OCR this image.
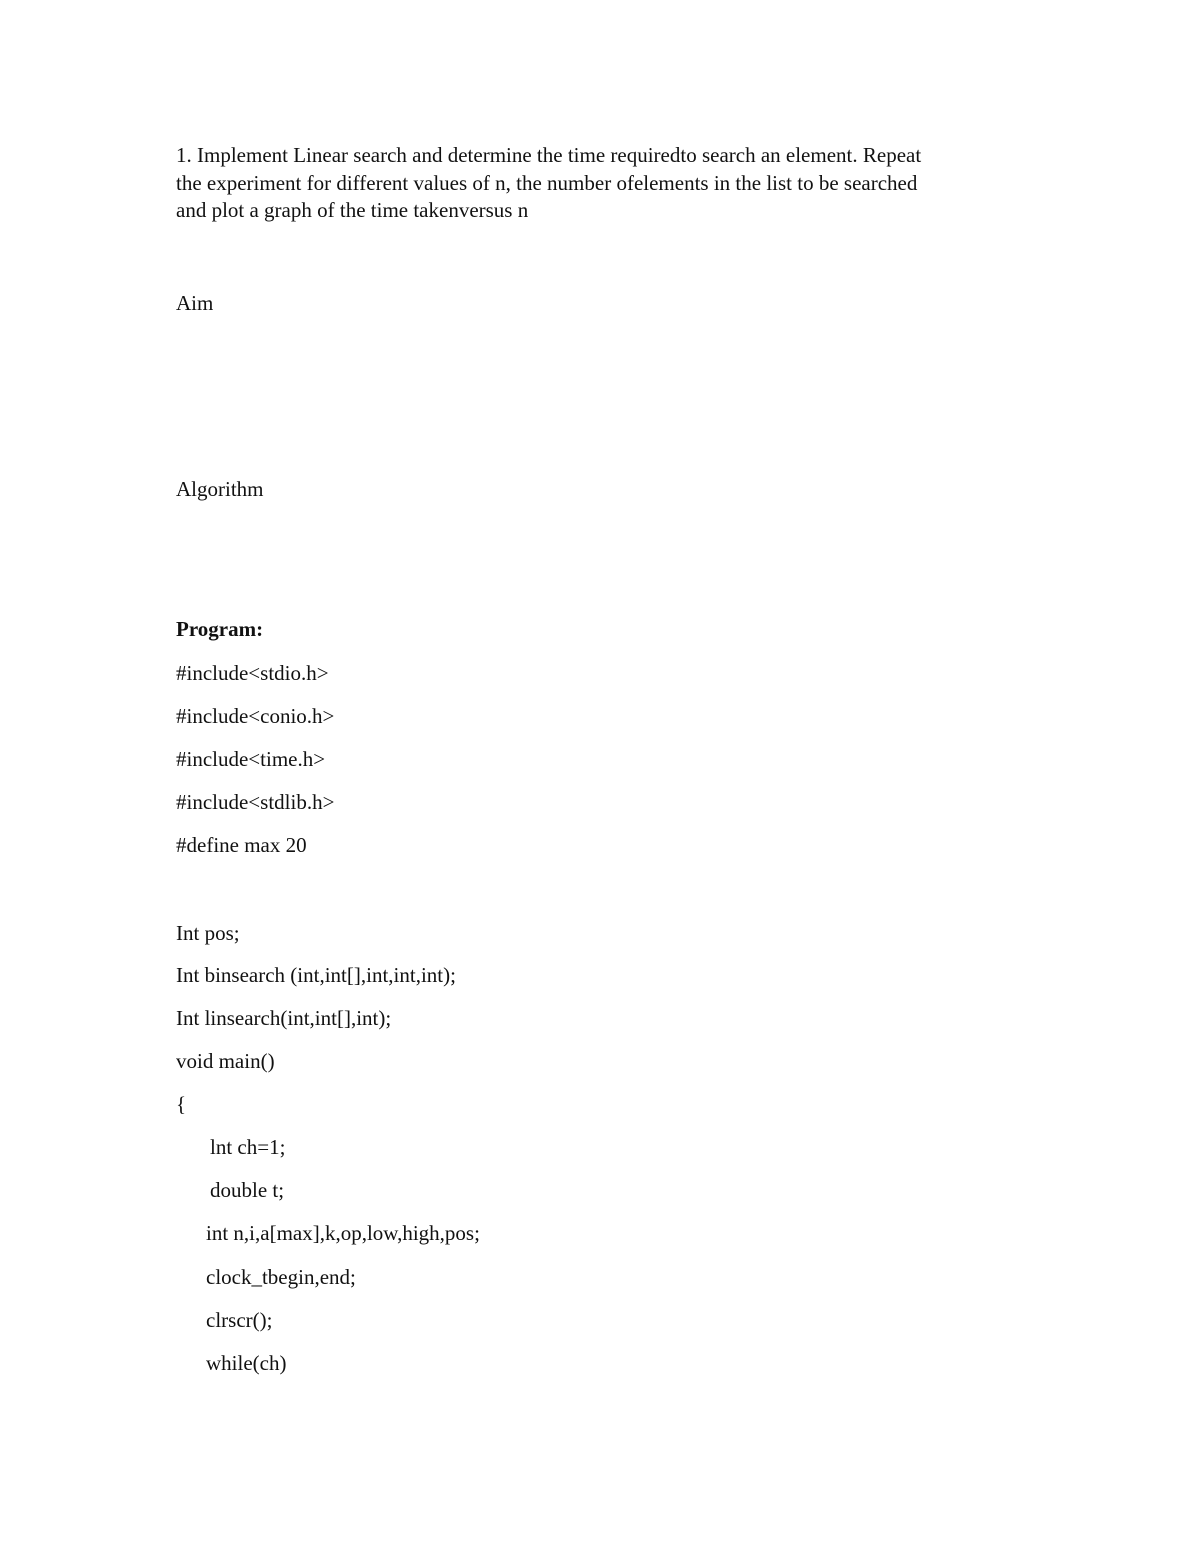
1. Implement Linear search and determine the time requiredto search an element. Repeat
the experiment for different values of n, the number ofelements in the list to be searched
and plot a graph of the time takenversus n
Aim
Algorithm
Program:
#include<stdio.h>
#include<conio.h>
#include<time.h>
#include<stdlib.h>
#define max 20
Int pos;
Int binsearch (int,int[],int,int,int);
Int linsearch(int,int[],int);
void main()
{
lnt ch=1;
double t;
int n,i,a[max],k,op,low,high,pos;
clock_tbegin,end;
clrscr();
while(ch)
